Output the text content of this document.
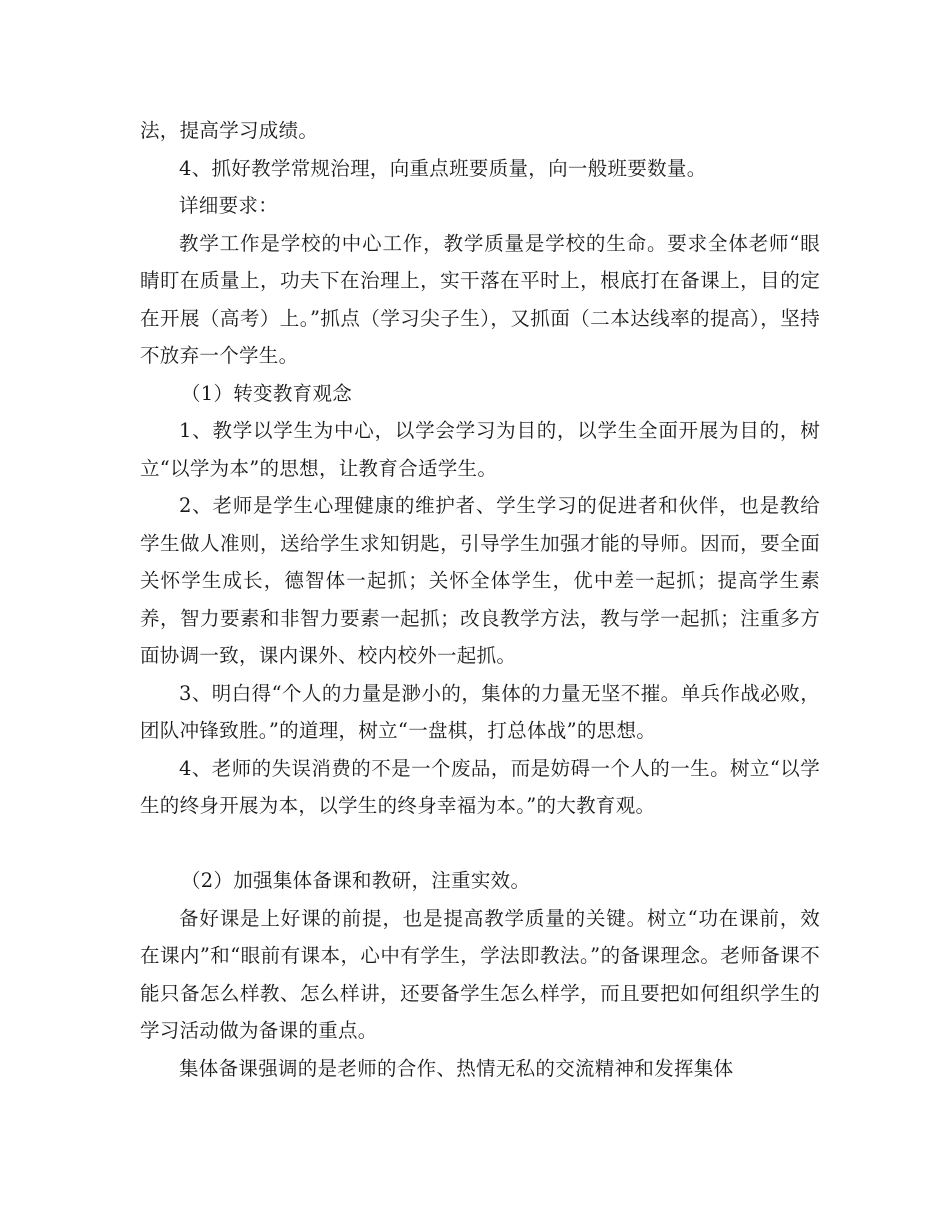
法，提高学习成绩。

4、抓好教学常规治理，向重点班要质量，向一般班要数量。

详细要求：

教学工作是学校的中心工作，教学质量是学校的生命。要求全体老师“眼睛盯在质量上，功夫下在治理上，实干落在平时上，根底打在备课上，目的定在开展（高考）上。”抓点（学习尖子生），又抓面（二本达线率的提高），坚持不放弃一个学生。

（1）转变教育观念

1、教学以学生为中心，以学会学习为目的，以学生全面开展为目的，树立“以学为本”的思想，让教育合适学生。

2、老师是学生心理健康的维护者、学生学习的促进者和伙伴，也是教给学生做人准则，送给学生求知钥匙，引导学生加强才能的导师。因而，要全面关怀学生成长，德智体一起抓；关怀全体学生，优中差一起抓；提高学生素养，智力要素和非智力要素一起抓；改良教学方法，教与学一起抓；注重多方面协调一致，课内课外、校内校外一起抓。

3、明白得“个人的力量是渺小的，集体的力量无坚不摧。单兵作战必败，团队冲锋致胜。”的道理，树立“一盘棋，打总体战”的思想。

4、老师的失误消费的不是一个废品，而是妨碍一个人的一生。树立“以学生的终身开展为本，以学生的终身幸福为本。”的大教育观。

（2）加强集体备课和教研，注重实效。

备好课是上好课的前提，也是提高教学质量的关键。树立“功在课前，效在课内”和“眼前有课本，心中有学生，学法即教法。”的备课理念。老师备课不能只备怎么样教、怎么样讲，还要备学生怎么样学，而且要把如何组织学生的学习活动做为备课的重点。

集体备课强调的是老师的合作、热情无私的交流精神和发挥集体
